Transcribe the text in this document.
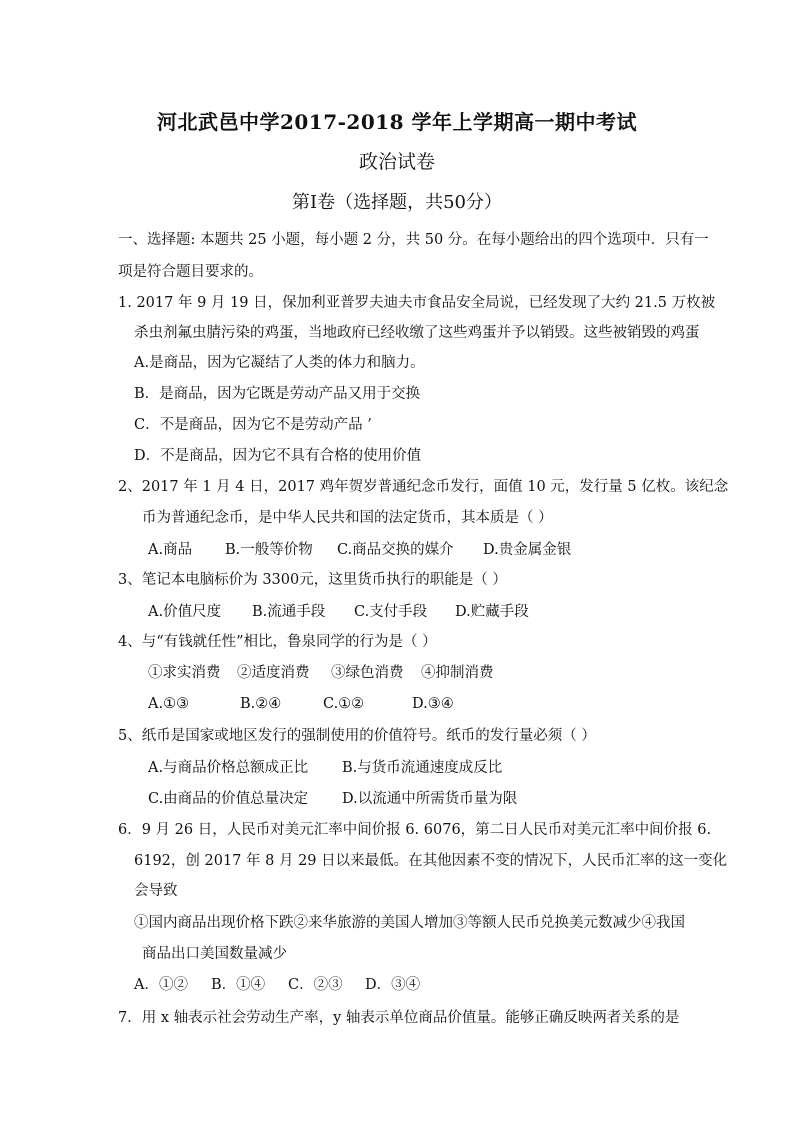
河北武邑中学2017-2018 学年上学期高一期中考试
政治试卷
第Ⅰ卷（选择题，共50分）
一、选择题: 本题共 25 小题，每小题 2 分，共 50 分。在每小题给出的四个选项中．只有一
项是符合题目要求的。
1. 2017 年 9 月 19 日，保加利亚普罗夫迪夫市食品安全局说，已经发现了大约 21.5 万枚被
杀虫剂氟虫腈污染的鸡蛋，当地政府已经收缴了这些鸡蛋并予以销毁。这些被销毁的鸡蛋
A.是商品，因为它凝结了人类的体力和脑力。
B．是商品，因为它既是劳动产品又用于交换
C．不是商品，因为它不是劳动产品 ’
D．不是商品，因为它不具有合格的使用价值
2、2017 年 1 月 4 日，2017 鸡年贺岁普通纪念币发行，面值 10 元，发行量 5 亿枚。该纪念
币为普通纪念币，是中华人民共和国的法定货币，其本质是（ ）
A.商品 B.一般等价物 C.商品交换的媒介 D.贵金属金银
3、笔记本电脑标价为 3300元，这里货币执行的职能是（ ）
A.价值尺度 B.流通手段 C.支付手段 D.贮藏手段
4、与“有钱就任性”相比，鲁泉同学的行为是（ ）
①求实消费 ②适度消费 ③绿色消费 ④抑制消费
A.①③	B.②④	C.①②	D.③④
5、纸币是国家或地区发行的强制使用的价值符号。纸币的发行量必须（ ）
A.与商品价格总额成正比 B.与货币流通速度成反比
C.由商品的价值总量决定 D.以流通中所需货币量为限
6．9 月 26 日，人民币对美元汇率中间价报 6. 6076，第二日人民币对美元汇率中间价报 6.
6192，创 2017 年 8 月 29 日以来最低。在其他因素不变的情况下，人民币汇率的这一变化
会导致
①国内商品出现价格下跌②来华旅游的美国人增加③等额人民币兑换美元数减少④我国
商品出口美国数量减少
A．①② B．①④ C．②③ D．③④
7．用 x 轴表示社会劳动生产率，y 轴表示单位商品价值量。能够正确反映两者关系的是
